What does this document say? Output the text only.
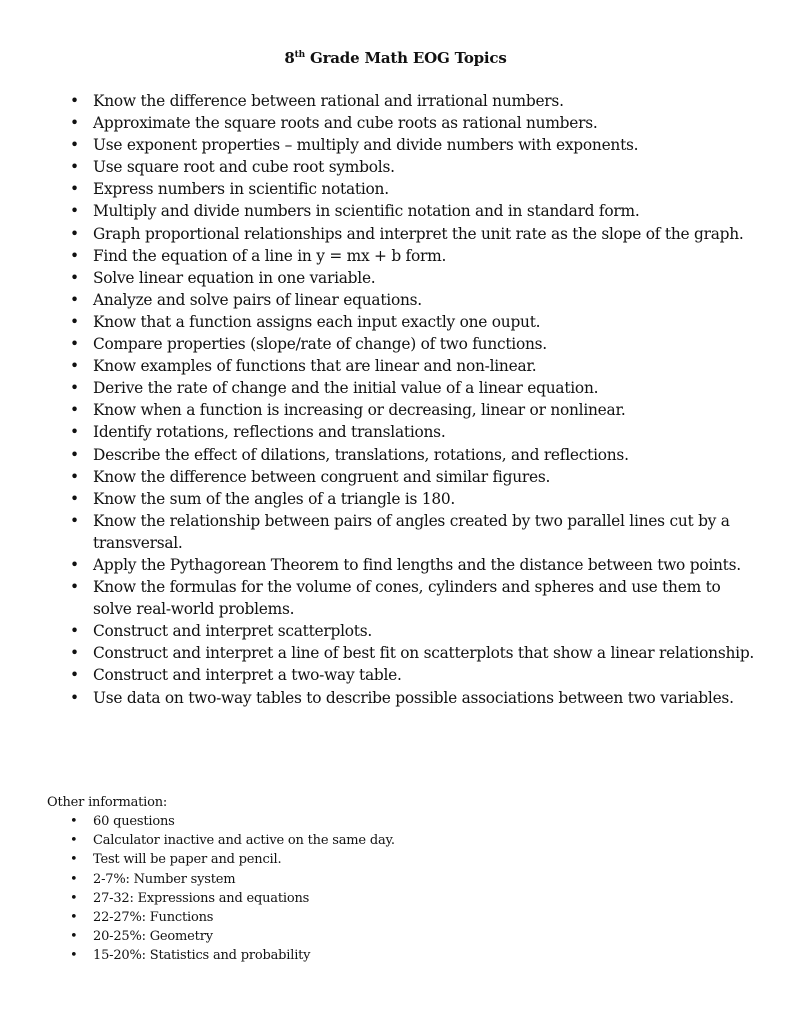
8th Grade Math EOG Topics
• Know the difference between rational and irrational numbers.
• Approximate the square roots and cube roots as rational numbers.
• Use exponent properties – multiply and divide numbers with exponents.
• Use square root and cube root symbols.
• Express numbers in scientific notation.
• Multiply and divide numbers in scientific notation and in standard form.
• Graph proportional relationships and interpret the unit rate as the slope of the graph.
• Find the equation of a line in y = mx + b form.
• Solve linear equation in one variable.
• Analyze and solve pairs of linear equations.
• Know that a function assigns each input exactly one ouput.
• Compare properties (slope/rate of change) of two functions.
• Know examples of functions that are linear and non-linear.
• Derive the rate of change and the initial value of a linear equation.
• Know when a function is increasing or decreasing, linear or nonlinear.
• Identify rotations, reflections and translations.
• Describe the effect of dilations, translations, rotations, and reflections.
• Know the difference between congruent and similar figures.
• Know the sum of the angles of a triangle is 180.
• Know the relationship between pairs of angles created by two parallel lines cut by a transversal.
• Apply the Pythagorean Theorem to find lengths and the distance between two points.
• Know the formulas for the volume of cones, cylinders and spheres and use them to solve real-world problems.
• Construct and interpret scatterplots.
• Construct and interpret a line of best fit on scatterplots that show a linear relationship.
• Construct and interpret a two-way table.
• Use data on two-way tables to describe possible associations between two variables.
Other information:
• 60 questions
• Calculator inactive and active on the same day.
• Test will be paper and pencil.
• 2-7%: Number system
• 27-32: Expressions and equations
• 22-27%: Functions
• 20-25%: Geometry
• 15-20%: Statistics and probability
